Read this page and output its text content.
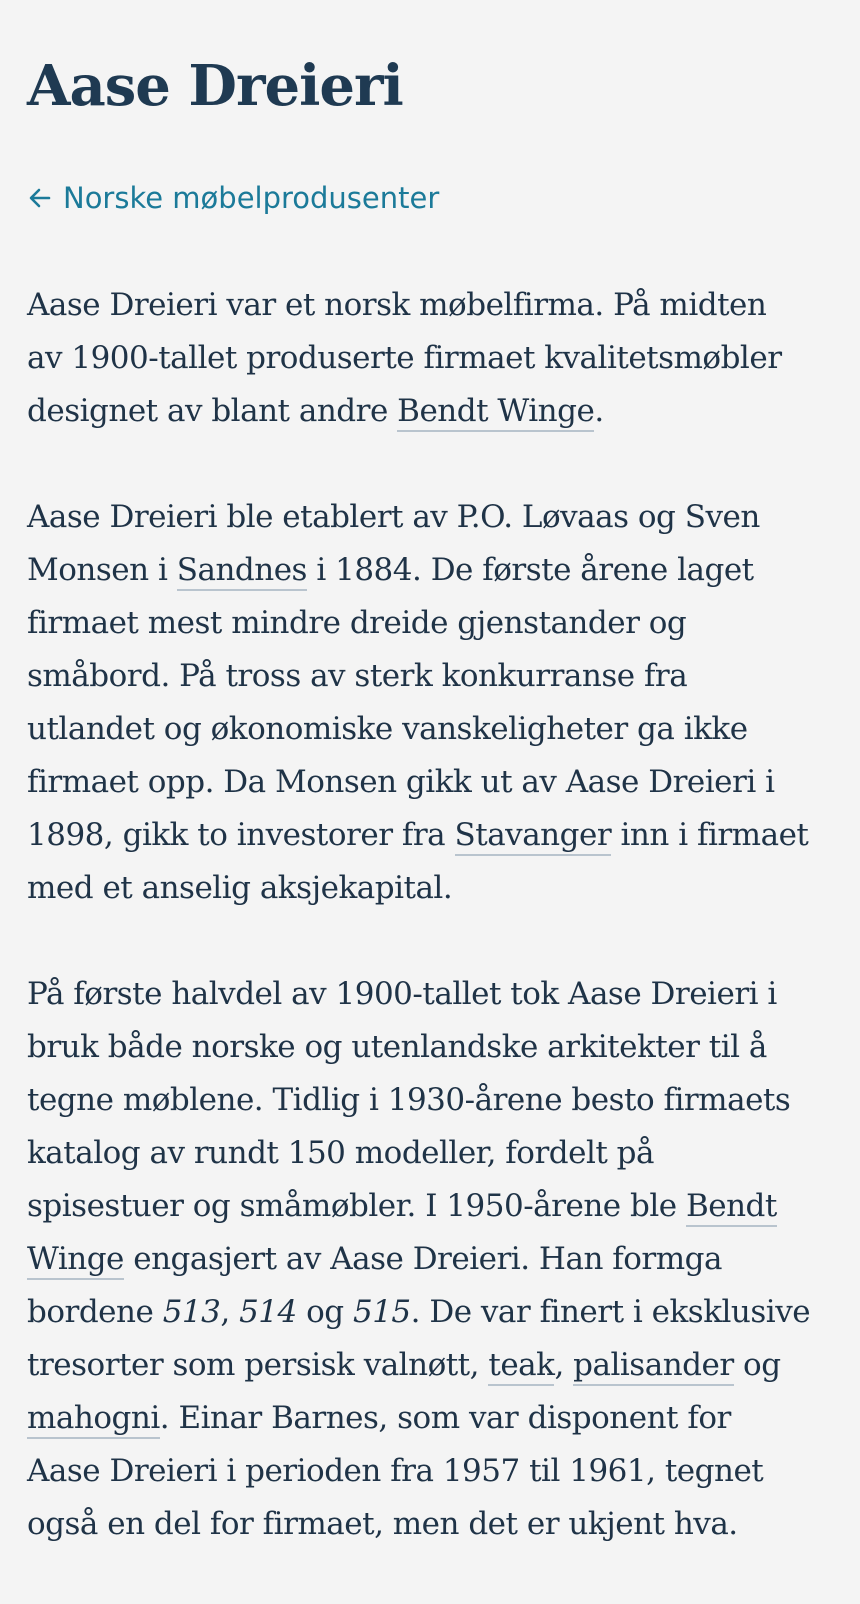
Aase Dreieri
Norske møbelprodusenter

Aase Dreieri var et norsk møbelfirma. På midten
av 1900-tallet produserte firmaet kvalitetsmøbler
designet av blant andre Bendt Winge.

Aase Dreieri ble etablert av P.O. Løvaas og Sven
Monsen i Sandnes i 1884. De første årene laget
firmaet mest mindre dreide gjenstander og
småbord. På tross av sterk konkurranse fra
utlandet og økonomiske vanskeligheter ga ikke
firmaet opp. Da Monsen gikk ut av Aase Dreieri i
1898, gikk to investorer fra Stavanger inn i firmaet
med et anselig aksjekapital.

På første halvdel av 1900-tallet tok Aase Dreieri i
bruk både norske og utenlandske arkitekter til å
tegne møblene. Tidlig i 1930-årene besto firmaets
katalog av rundt 150 modeller, fordelt på
spisestuer og småmøbler. I 1950-årene ble Bendt
Winge engasjert av Aase Dreieri. Han formga
bordene 513, 514 og 515. De var finert i eksklusive
tresorter som persisk valnøtt, teak, palisander og
mahogni. Einar Barnes, som var disponent for
Aase Dreieri i perioden fra 1957 til 1961, tegnet
også en del for firmaet, men det er ukjent hva.
